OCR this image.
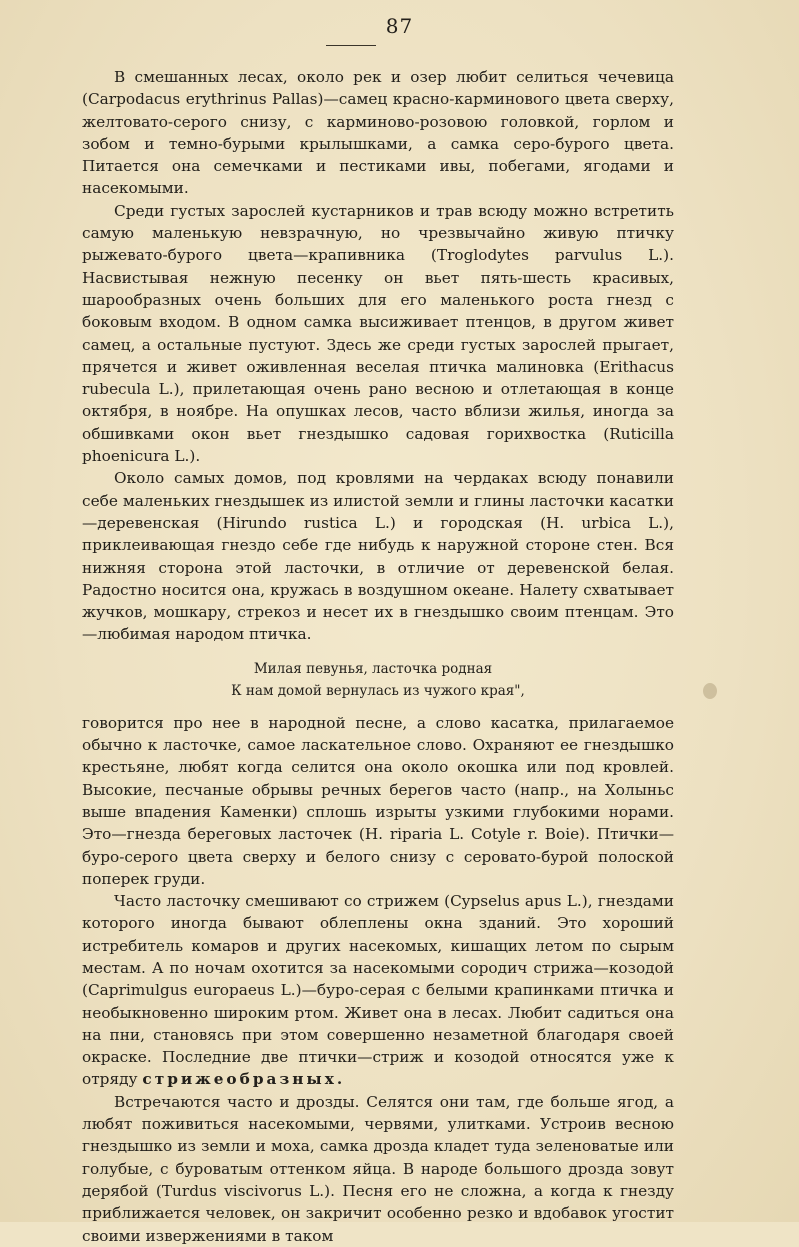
87

В смешанных лесах, около рек и озер любит селиться чечевица (Carpodacus erythrinus Pallas)—самец красно-карминового цвета сверху, желтовато-серого снизу, с карминово-розовою головкой, горлом и зобом и темно-бурыми крылышками, а самка серо-бурого цвета. Питается она семечками и пестиками ивы, побегами, ягодами и насекомыми.

Среди густых зарослей кустарников и трав всюду можно встретить самую маленькую невзрачную, но чрезвычайно живую птичку рыжевато-бурого цвета—крапивника (Troglodytes parvulus L.). Насвистывая нежную песенку он вьет пять-шесть красивых, шарообразных очень больших для его маленького роста гнезд с боковым входом. В одном самка высиживает птенцов, в другом живет самец, а остальные пустуют. Здесь же среди густых зарослей прыгает, прячется и живет оживленная веселая птичка малиновка (Erithacus rubecula L.), прилетающая очень рано весною и отлетающая в конце октября, в ноябре. На опушках лесов, часто вблизи жилья, иногда за обшивками окон вьет гнездышко садовая горихвостка (Ruticilla phoenicura L.).

Около самых домов, под кровлями на чердаках всюду понавили себе маленьких гнездышек из илистой земли и глины ласточки касатки—деревенская (Hirundo rustica L.) и городская (H. urbica L.), приклеивающая гнездо себе где нибудь к наружной стороне стен. Вся нижняя сторона этой ласточки, в отличие от деревенской белая. Радостно носится она, кружась в воздушном океане. Налету схватывает жучков, мошкару, стрекоз и несет их в гнездышко своим птенцам. Это—любимая народом птичка.

Милая певунья, ласточка родная
К нам домой вернулась из чужого края",

говорится про нее в народной песне, а слово касатка, прилагаемое обычно к ласточке, самое ласкательное слово. Охраняют ее гнездышко крестьяне, любят когда селится она около окошка или под кровлей. Высокие, песчаные обрывы речных берегов часто (напр., на Холыньс выше впадения Каменки) сплошь изрыты узкими глубокими норами. Это—гнезда береговых ласточек (H. riparia L. Cotyle r. Boie). Птички—буро-серого цвета сверху и белого снизу с серовато-бурой полоской поперек груди.

Часто ласточку смешивают со стрижем (Cypselus apus L.), гнездами которого иногда бывают облеплены окна зданий. Это хороший истребитель комаров и других насекомых, кишащих летом по сырым местам. А по ночам охотится за насекомыми сородич стрижа—козодой (Caprimulgus europaeus L.)—буро-серая с белыми крапинками птичка и необыкновенно широким ртом. Живет она в лесах. Любит садиться она на пни, становясь при этом совершенно незаметной благодаря своей окраске. Последние две птички—стриж и козодой относятся уже к отряду стрижеобразных.

Встречаются часто и дрозды. Селятся они там, где больше ягод, а любят поживиться насекомыми, червями, улитками. Устроив весною гнездышко из земли и моха, самка дрозда кладет туда зеленоватые или голубые, с буроватым оттенком яйца. В народе большого дрозда зовут дерябой (Turdus viscivorus L.). Песня его не сложна, а когда к гнезду приближается человек, он закричит особенно резко и вдобавок угостит своими извержениями в таком
